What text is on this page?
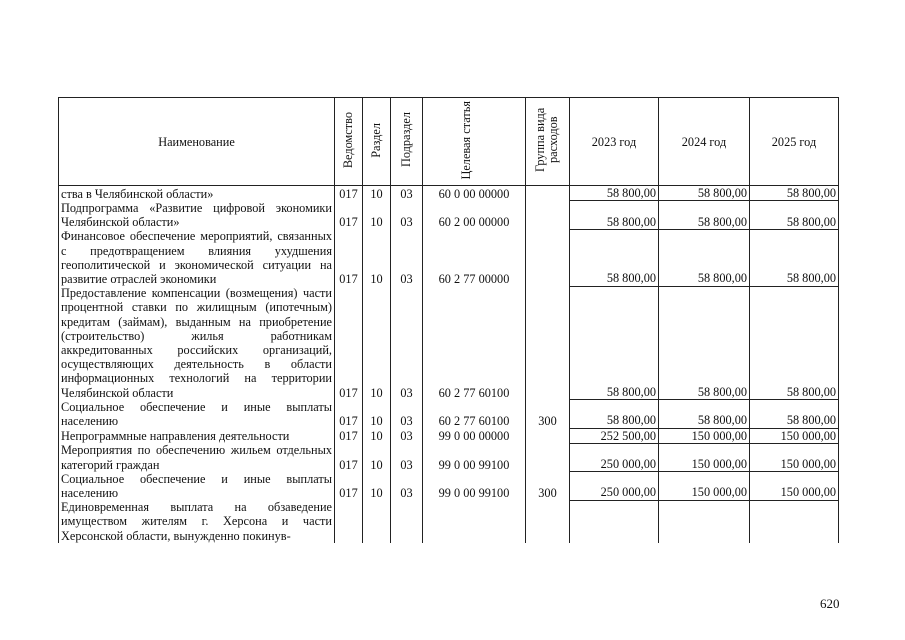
Наименование	Ведомство	Раздел	Подраздел	Целевая статья	Группа вида расходов	2023 год	2024 год	2025 год
ства в Челябинской области»	017	10	03	60 0 00 00000		58 800,00	58 800,00	58 800,00
Подпрограмма «Развитие цифровой экономики Челябинской области»	017	10	03	60 2 00 00000		58 800,00	58 800,00	58 800,00
Финансовое обеспечение мероприятий, связанных с предотвращением влияния ухудшения геополитической и экономической ситуации на развитие отраслей экономики	017	10	03	60 2 77 00000		58 800,00	58 800,00	58 800,00
Предоставление компенсации (возмещения) части процентной ставки по жилищным (ипотечным) кредитам (займам), выданным на приобретение (строительство) жилья работникам аккредитованных российских организаций, осуществляющих деятельность в области информационных технологий на территории Челябинской области	017	10	03	60 2 77 60100		58 800,00	58 800,00	58 800,00
Социальное обеспечение и иные выплаты населению	017	10	03	60 2 77 60100	300	58 800,00	58 800,00	58 800,00
Непрограммные направления деятельности	017	10	03	99 0 00 00000		252 500,00	150 000,00	150 000,00
Мероприятия по обеспечению жильем отдельных категорий граждан	017	10	03	99 0 00 99100		250 000,00	150 000,00	150 000,00
Социальное обеспечение и иные выплаты населению	017	10	03	99 0 00 99100	300	250 000,00	150 000,00	150 000,00
Единовременная выплата на обзаведение имуществом жителям г. Херсона и части Херсонской области, вынужденно покинув-								
620
